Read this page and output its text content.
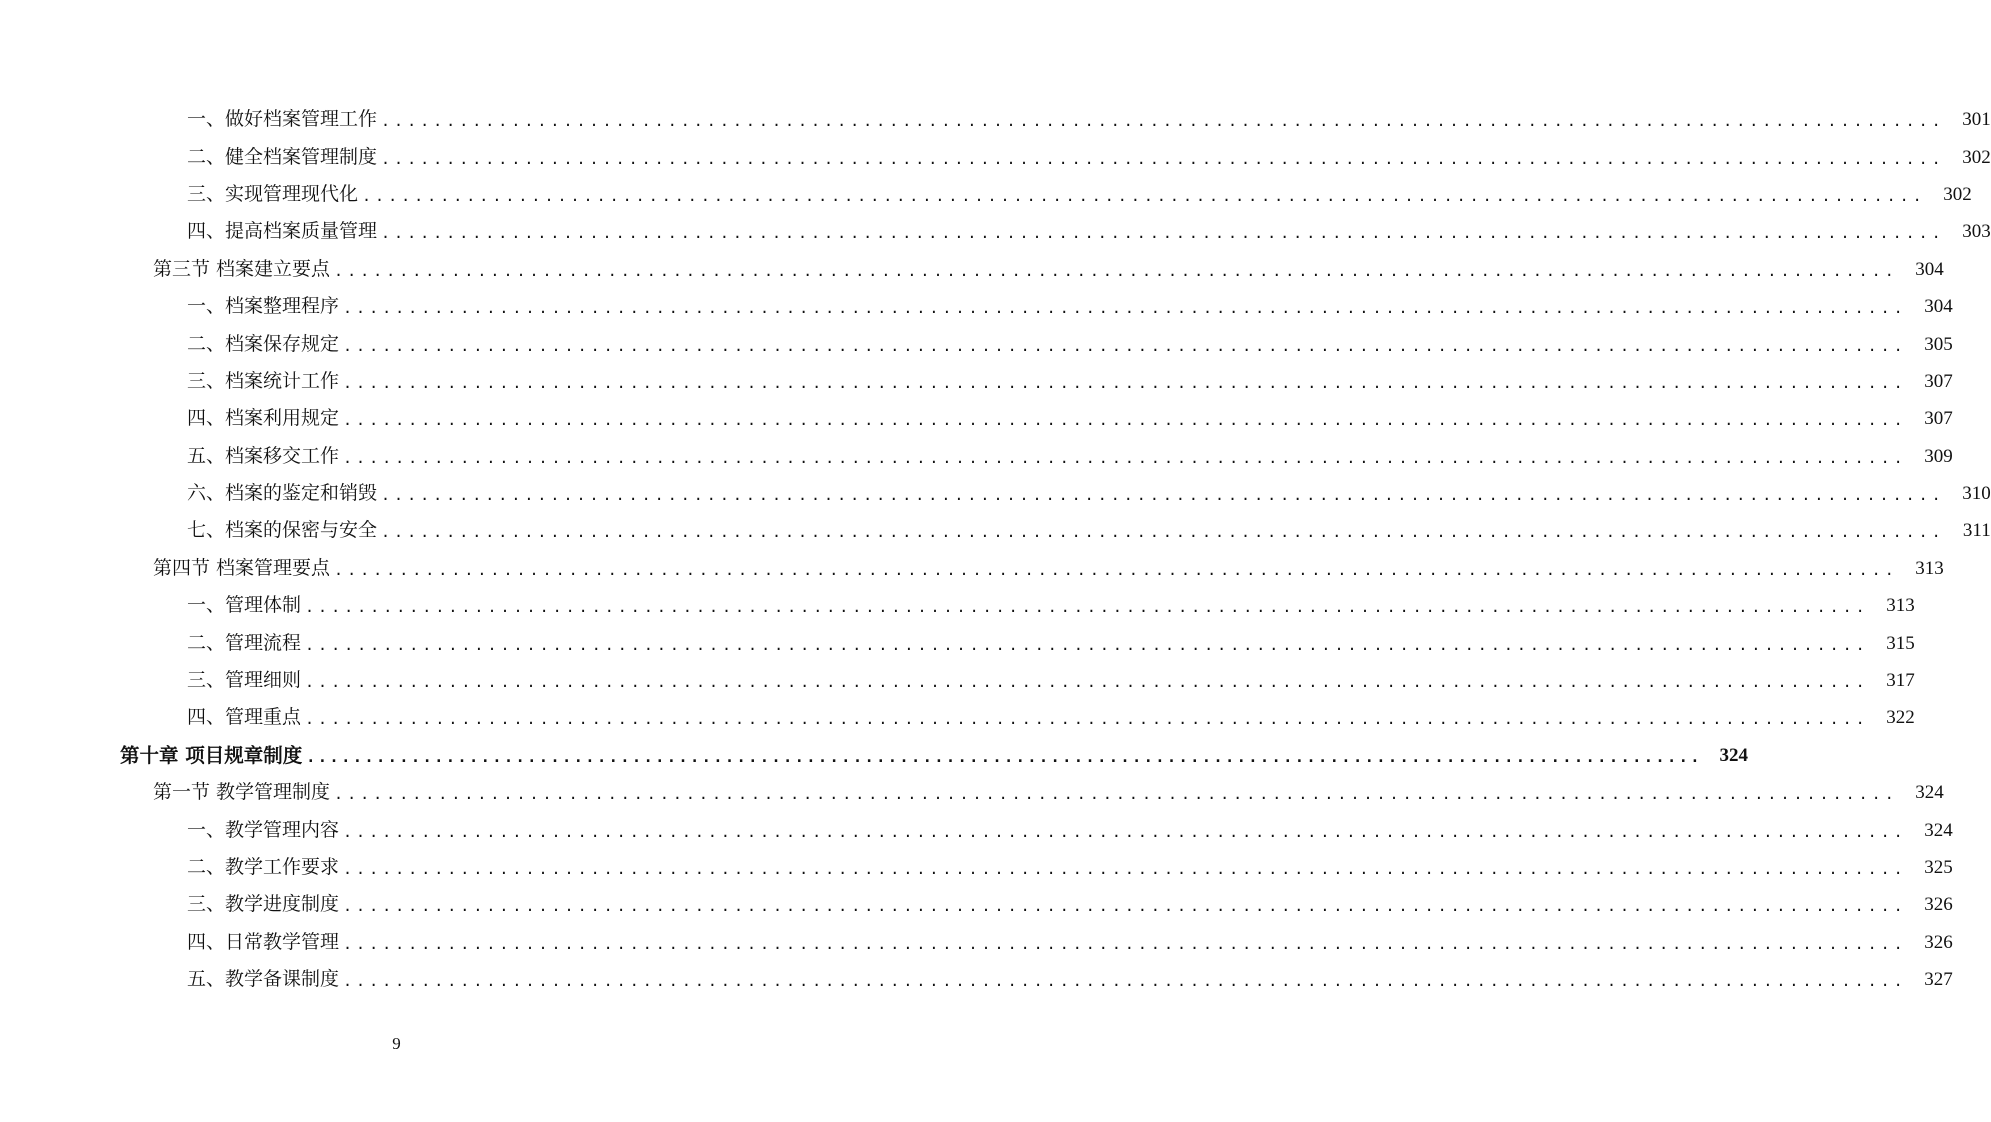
一、做好档案管理工作 ........................................................................................................................ 301
二、健全档案管理制度 ........................................................................................................................ 302
三、实现管理现代化 ........................................................................................................................ 302
四、提高档案质量管理 ........................................................................................................................ 303
第三节 档案建立要点 ........................................................................................................................ 304
一、档案整理程序 ........................................................................................................................ 304
二、档案保存规定 ........................................................................................................................ 305
三、档案统计工作 ........................................................................................................................ 307
四、档案利用规定 ........................................................................................................................ 307
五、档案移交工作 ........................................................................................................................ 309
六、档案的鉴定和销毁 ........................................................................................................................ 310
七、档案的保密与安全 ........................................................................................................................ 311
第四节 档案管理要点 ........................................................................................................................ 313
一、管理体制 ........................................................................................................................ 313
二、管理流程 ........................................................................................................................ 315
三、管理细则 ........................................................................................................................ 317
四、管理重点 ........................................................................................................................ 322
第十章 项目规章制度 ........................................................................................................................ 324
第一节 教学管理制度 ........................................................................................................................ 324
一、教学管理内容 ........................................................................................................................ 324
二、教学工作要求 ........................................................................................................................ 325
三、教学进度制度 ........................................................................................................................ 326
四、日常教学管理 ........................................................................................................................ 326
五、教学备课制度 ........................................................................................................................ 327
9
